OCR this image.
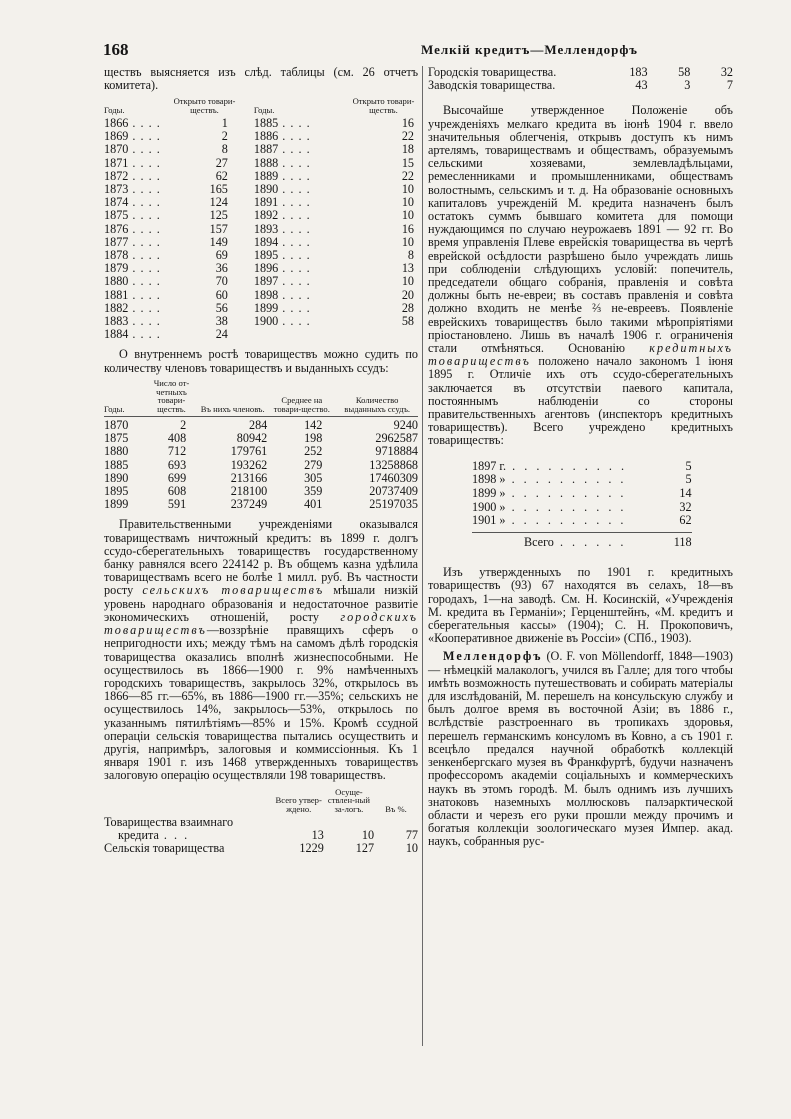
168	Мелкій кредитъ—Меллендорфъ

ществъ выясняется изъ слѣд. таблицы (см. 26 отчетъ комитета).

Годы.	Открыто товари-ществъ.	Годы.	Открыто товари-ществъ.
1866 . . . .	1	1885 . . . .	16
1869 . . . .	2	1886 . . . .	22
1870 . . . .	8	1887 . . . .	18
1871 . . . .	27	1888 . . . .	15
1872 . . . .	62	1889 . . . .	22
1873 . . . .	165	1890 . . . .	10
1874 . . . .	124	1891 . . . .	10
1875 . . . .	125	1892 . . . .	10
1876 . . . .	157	1893 . . . .	16
1877 . . . .	149	1894 . . . .	10
1878 . . . .	69	1895 . . . .	8
1879 . . . .	36	1896 . . . .	13
1880 . . . .	70	1897 . . . .	10
1881 . . . .	60	1898 . . . .	20
1882 . . . .	56	1899 . . . .	28
1883 . . . .	38	1900 . . . .	58
1884 . . . .	24		

О внутреннемъ ростѣ товариществъ можно судить по количеству членовъ товариществъ и выданныхъ ссудъ:

Годы.	Число от-четныхъ товари-ществъ.	Въ нихъ членовъ.	Среднее на товари-щество.	Количество выданныхъ ссудъ.

1870	2	284	142	9240
1875	408	80942	198	2962587
1880	712	179761	252	9718884
1885	693	193262	279	13258868
1890	699	213166	305	17460309
1895	608	218100	359	20737409
1899	591	237249	401	25197035

Правительственными учрежденіями оказывался товариществамъ ничтожный кредитъ: въ 1899 г. долгъ ссудо-сберегательныхъ товариществъ государственному банку равнялся всего 224142 р. Въ общемъ казна удѣлила товариществамъ всего не болѣе 1 милл. руб. Въ частности росту сельскихъ товариществъ мѣшали низкій уровень народнаго образованія и недостаточное развитіе экономическихъ отношеній, росту городскихъ товариществъ—воззрѣніе правящихъ сферъ о непригодности ихъ; между тѣмъ на самомъ дѣлѣ городскія товарищества оказались вполнѣ жизнеспособными. Не осуществилось въ 1866—1900 г. 9% намѣченныхъ городскихъ товариществъ, закрылось 32%, открылось въ 1866—85 гг.—65%, въ 1886—1900 гг.—35%; сельскихъ не осуществилось 14%, закрылось—53%, открылось по указаннымъ пятилѣтіямъ—85% и 15%. Кромѣ ссудной операціи сельскія товарищества пытались осуществить и другія, напримѣръ, залоговыя и коммиссіонныя. Къ 1 января 1901 г. изъ 1468 утвержденныхъ товариществъ залоговую операцію осуществляли 198 товариществъ.

	Всего утвер-ждено.	Осуще-ствлен-ный за-логъ.	Въ %.
Товарищества взаимнаго			
кредита . . .	13	10	77
Сельскія товарищества	1229	127	10
Городскія товарищества.	183	58	32
Заводскія товарищества.	43	3	7

Высочайше утвержденное Положеніе объ учрежденіяхъ мелкаго кредита въ іюнѣ 1904 г. ввело значительныя облегченія, открывъ доступъ къ нимъ артелямъ, товариществамъ и обществамъ, образуемымъ сельскими хозяевами, землевладѣльцами, ремесленниками и промышленниками, обществамъ волостнымъ, сельскимъ и т. д. На образованіе основныхъ капиталовъ учрежденій М. кредита назначенъ былъ остатокъ суммъ бывшаго комитета для помощи нуждающимся по случаю неурожаевъ 1891 — 92 гг. Во время управленія Плеве еврейскія товарищества въ чертѣ еврейской осѣдлости разрѣшено было учреждать лишь при соблюденіи слѣдующихъ условій: попечитель, председатели общаго собранія, правленія и совѣта должны быть не-евреи; въ составъ правленія и совѣта должно входить не менѣе ⅔ не-евреевъ. Появленіе еврейскихъ товариществъ было такими мѣропріятіями пріостановлено. Лишь въ началѣ 1906 г. ограниченія стали отмѣняться. Основанію кредитныхъ товариществъ положено начало закономъ 1 іюня 1895 г. Отличіе ихъ отъ ссудо-сберегательныхъ заключается въ отсутствіи паевого капитала, постояннымъ наблюденіи со стороны правительственныхъ агентовъ (инспекторъ кредитныхъ товариществъ). Всего учреждено кредитныхъ товариществъ:

1897 г. . . . . . . . . . .	5
1898 » . . . . . . . . . .	5
1899 » . . . . . . . . . .	14
1900 » . . . . . . . . . .	32
1901 » . . . . . . . . . .	62

Всего . . . . . .	118

Изъ утвержденныхъ по 1901 г. кредитныхъ товариществъ (93) 67 находятся въ селахъ, 18—въ городахъ, 1—на заводѣ. См. Н. Косинскій, «Учрежденія М. кредита въ Германіи»; Герценштейнъ, «М. кредитъ и сберегательныя кассы» (1904); С. Н. Прокоповичъ, «Кооперативное движеніе въ Россіи» (СПб., 1903).

Меллендорфъ (O. F. von Möllendorff, 1848—1903) — нѣмецкій малакологъ, учился въ Галле; для того чтобы имѣть возможность путешествовать и собирать матеріалы для изслѣдованій, М. перешелъ на консульскую службу и былъ долгое время въ восточной Азіи; въ 1886 г., вслѣдствіе разстроеннаго въ тропикахъ здоровья, перешелъ германскимъ консуломъ въ Ковно, а съ 1901 г. всецѣло предался научной обработкѣ коллекцій зенкенбергскаго музея въ Франкфуртѣ, будучи назначенъ профессоромъ академіи соціальныхъ и коммерческихъ наукъ въ этомъ городѣ. М. былъ однимъ изъ лучшихъ знатоковъ наземныхъ моллюсковъ палэарктической области и черезъ его руки прошли между прочимъ и богатыя коллекціи зоологическаго музея Импер. акад. наукъ, собранныя рус-
